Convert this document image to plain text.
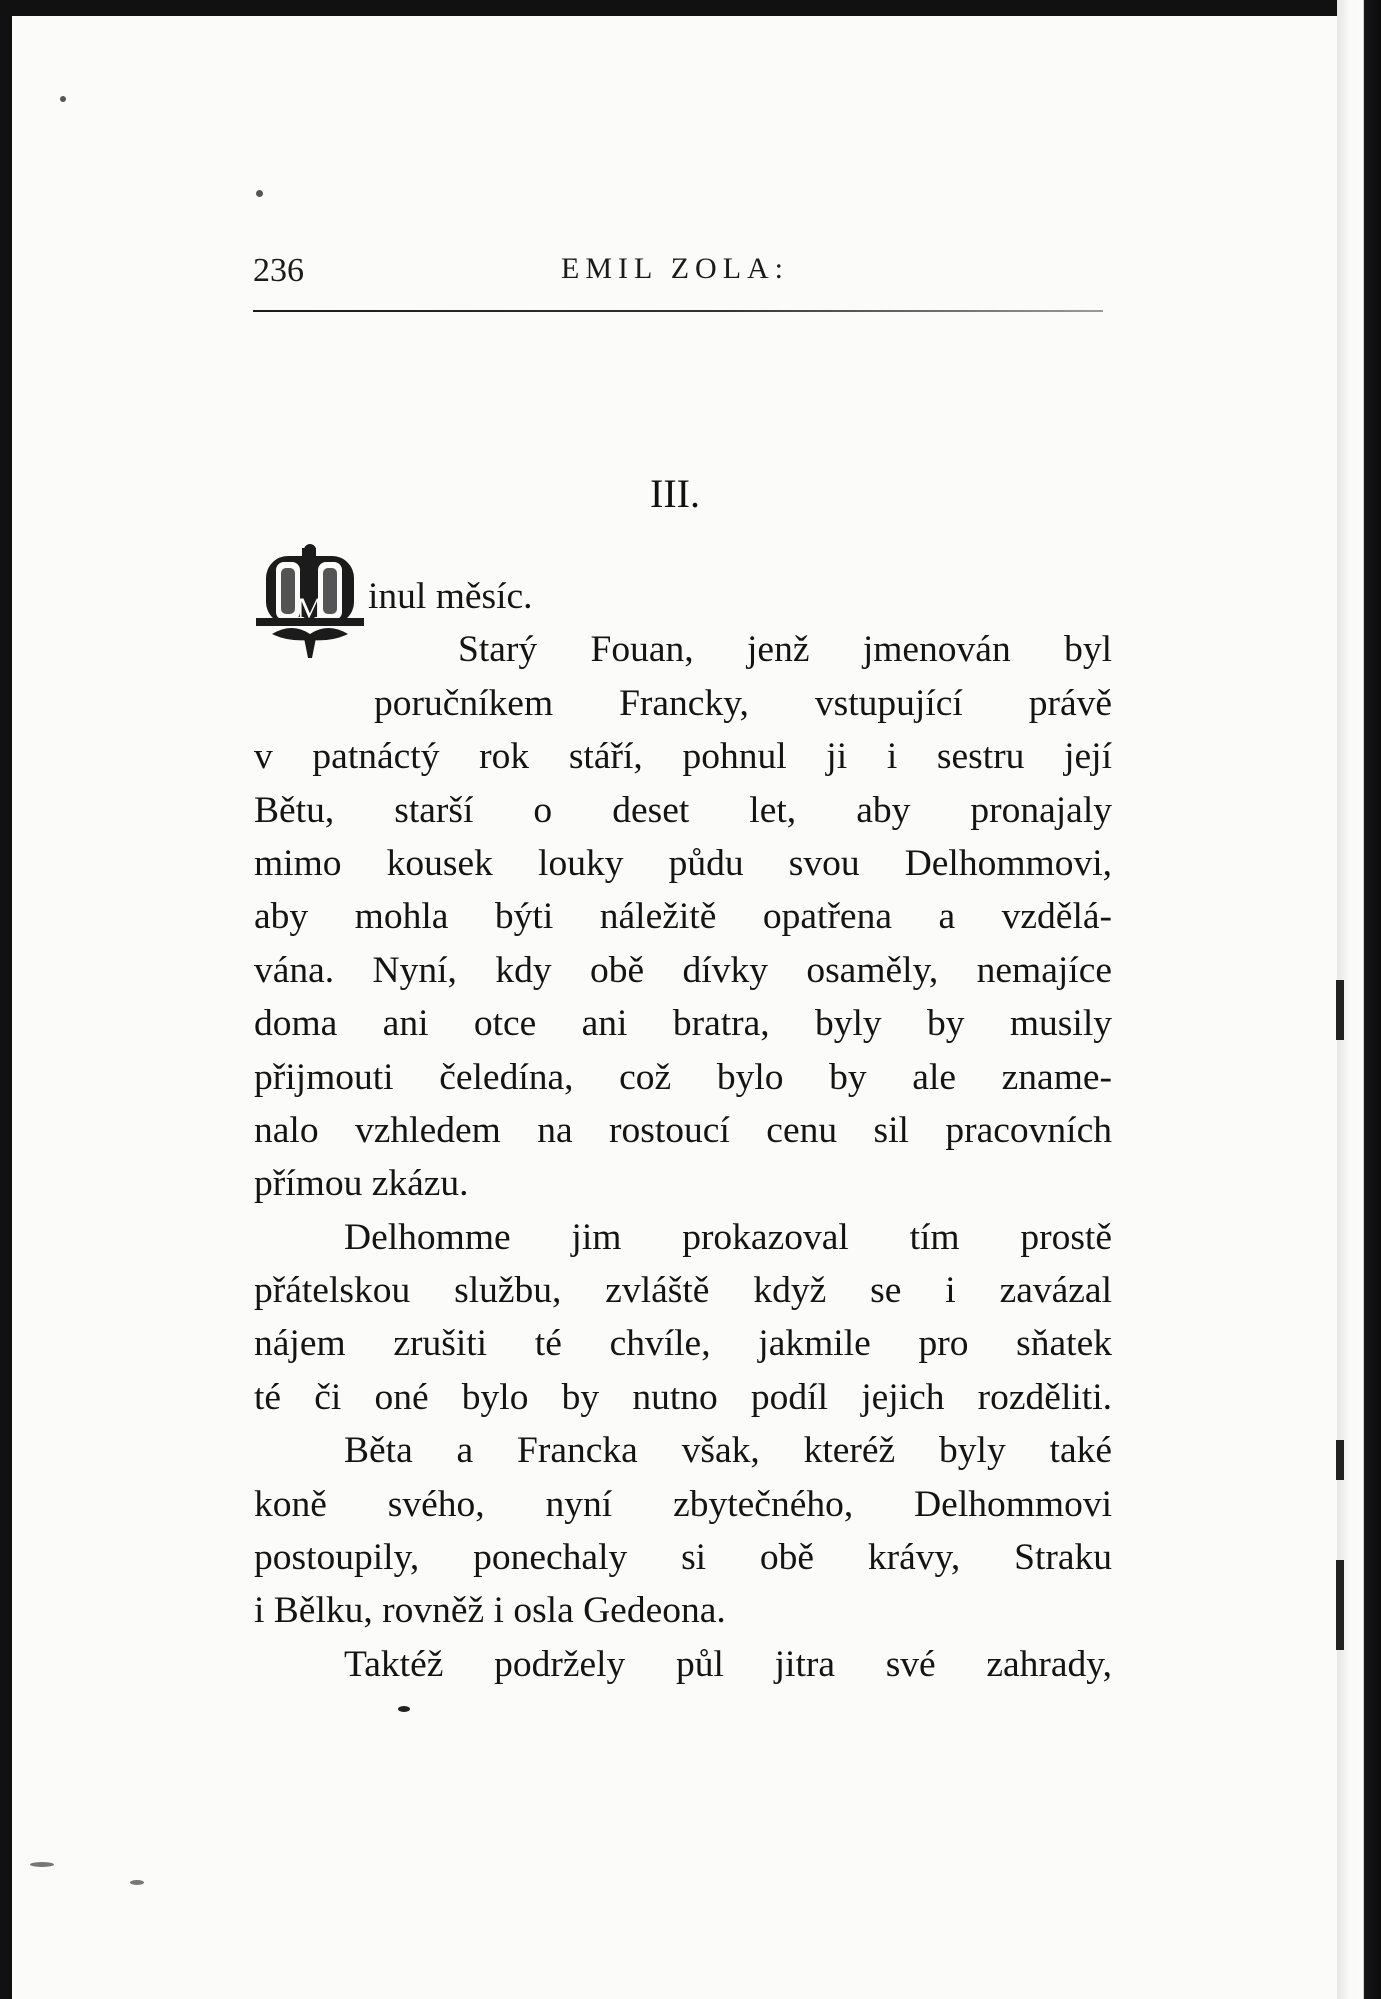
236	EMIL ZOLA:
III.
M	inul měsíc.
Starý Fouan, jenž jmenován byl
poručníkem Francky, vstupující právě
v patnáctý rok stáří, pohnul ji i sestru její
Bětu, starší o deset let, aby pronajaly
mimo kousek louky půdu svou Delhommovi,
aby mohla býti náležitě opatřena a vzdělá-
vána. Nyní, kdy obě dívky osaměly, nemajíce
doma ani otce ani bratra, byly by musily
přijmouti čeledína, což bylo by ale zname-
nalo vzhledem na rostoucí cenu sil pracovních
přímou zkázu.
Delhomme jim prokazoval tím prostě
přátelskou službu, zvláště když se i zavázal
nájem zrušiti té chvíle, jakmile pro sňatek
té či oné bylo by nutno podíl jejich rozděliti.
Běta a Francka však, kteréž byly také
koně svého, nyní zbytečného, Delhommovi
postoupily, ponechaly si obě krávy, Straku
i Bělku, rovněž i osla Gedeona.
Taktéž podržely půl jitra své zahrady,
